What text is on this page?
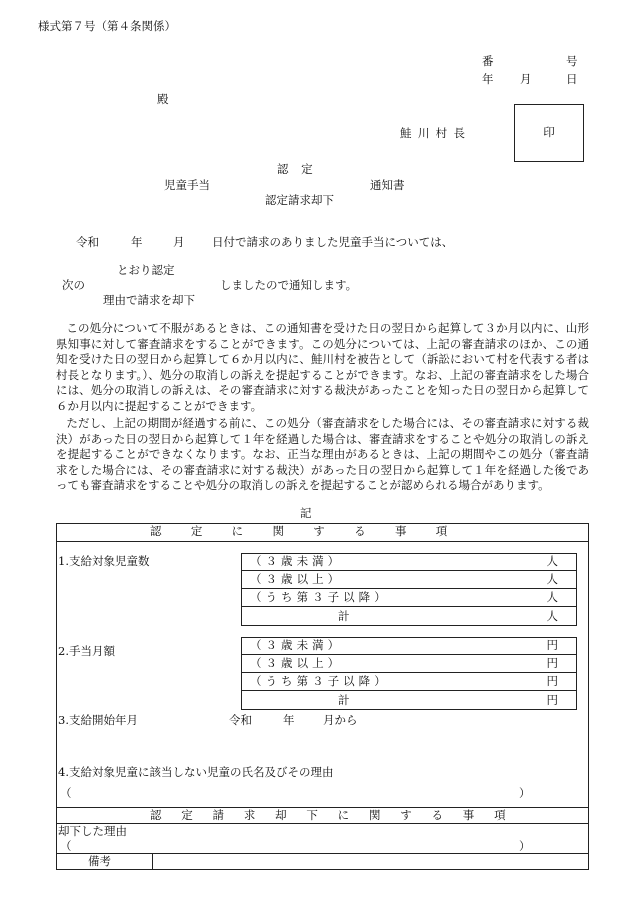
様式第７号（第４条関係）
番	号
年 月	日
殿
鮭川村長	印
認定
児童手当	通知書
認定請求却下
令和	年	月 日付で請求のありました児童手当については、
とおり認定
次の	しましたので通知します。
理由で請求を却下
この処分について不服があるときは、この通知書を受けた日の翌日から起算して３か月以内に、山形県知事に対して審査請求をすることができます。この処分については、上記の審査請求のほか、この通知を受けた日の翌日から起算して６か月以内に、鮭川村を被告として（訴訟において村を代表する者は村長となります。）、処分の取消しの訴えを提起することができます。なお、上記の審査請求をした場合には、処分の取消しの訴えは、その審査請求に対する裁決があったことを知った日の翌日から起算して６か月以内に提起することができます。
ただし、上記の期間が経過する前に、この処分（審査請求をした場合には、その審査請求に対する裁決）があった日の翌日から起算して１年を経過した場合は、審査請求をすることや処分の取消しの訴えを提起することができなくなります。なお、正当な理由があるときは、上記の期間やこの処分（審査請求をした場合には、その審査請求に対する裁決）があった日の翌日から起算して１年を経過した後であっても審査請求をすることや処分の取消しの訴えを提起することが認められる場合があります。
記
認定に関する事項
1.支給対象児童数	（３歳未満）	人
（３歳以上）	人
（うち第３子以降）	人
計	人
2.手当月額	（３歳未満）	円
（３歳以上）	円
（うち第３子以降）	円
計	円
3.支給開始年月	令和	年 月から
4.支給対象児童に該当しない児童の氏名及びその理由
（	）
認定請求却下に関する事項
却下した理由
（	）
備考
